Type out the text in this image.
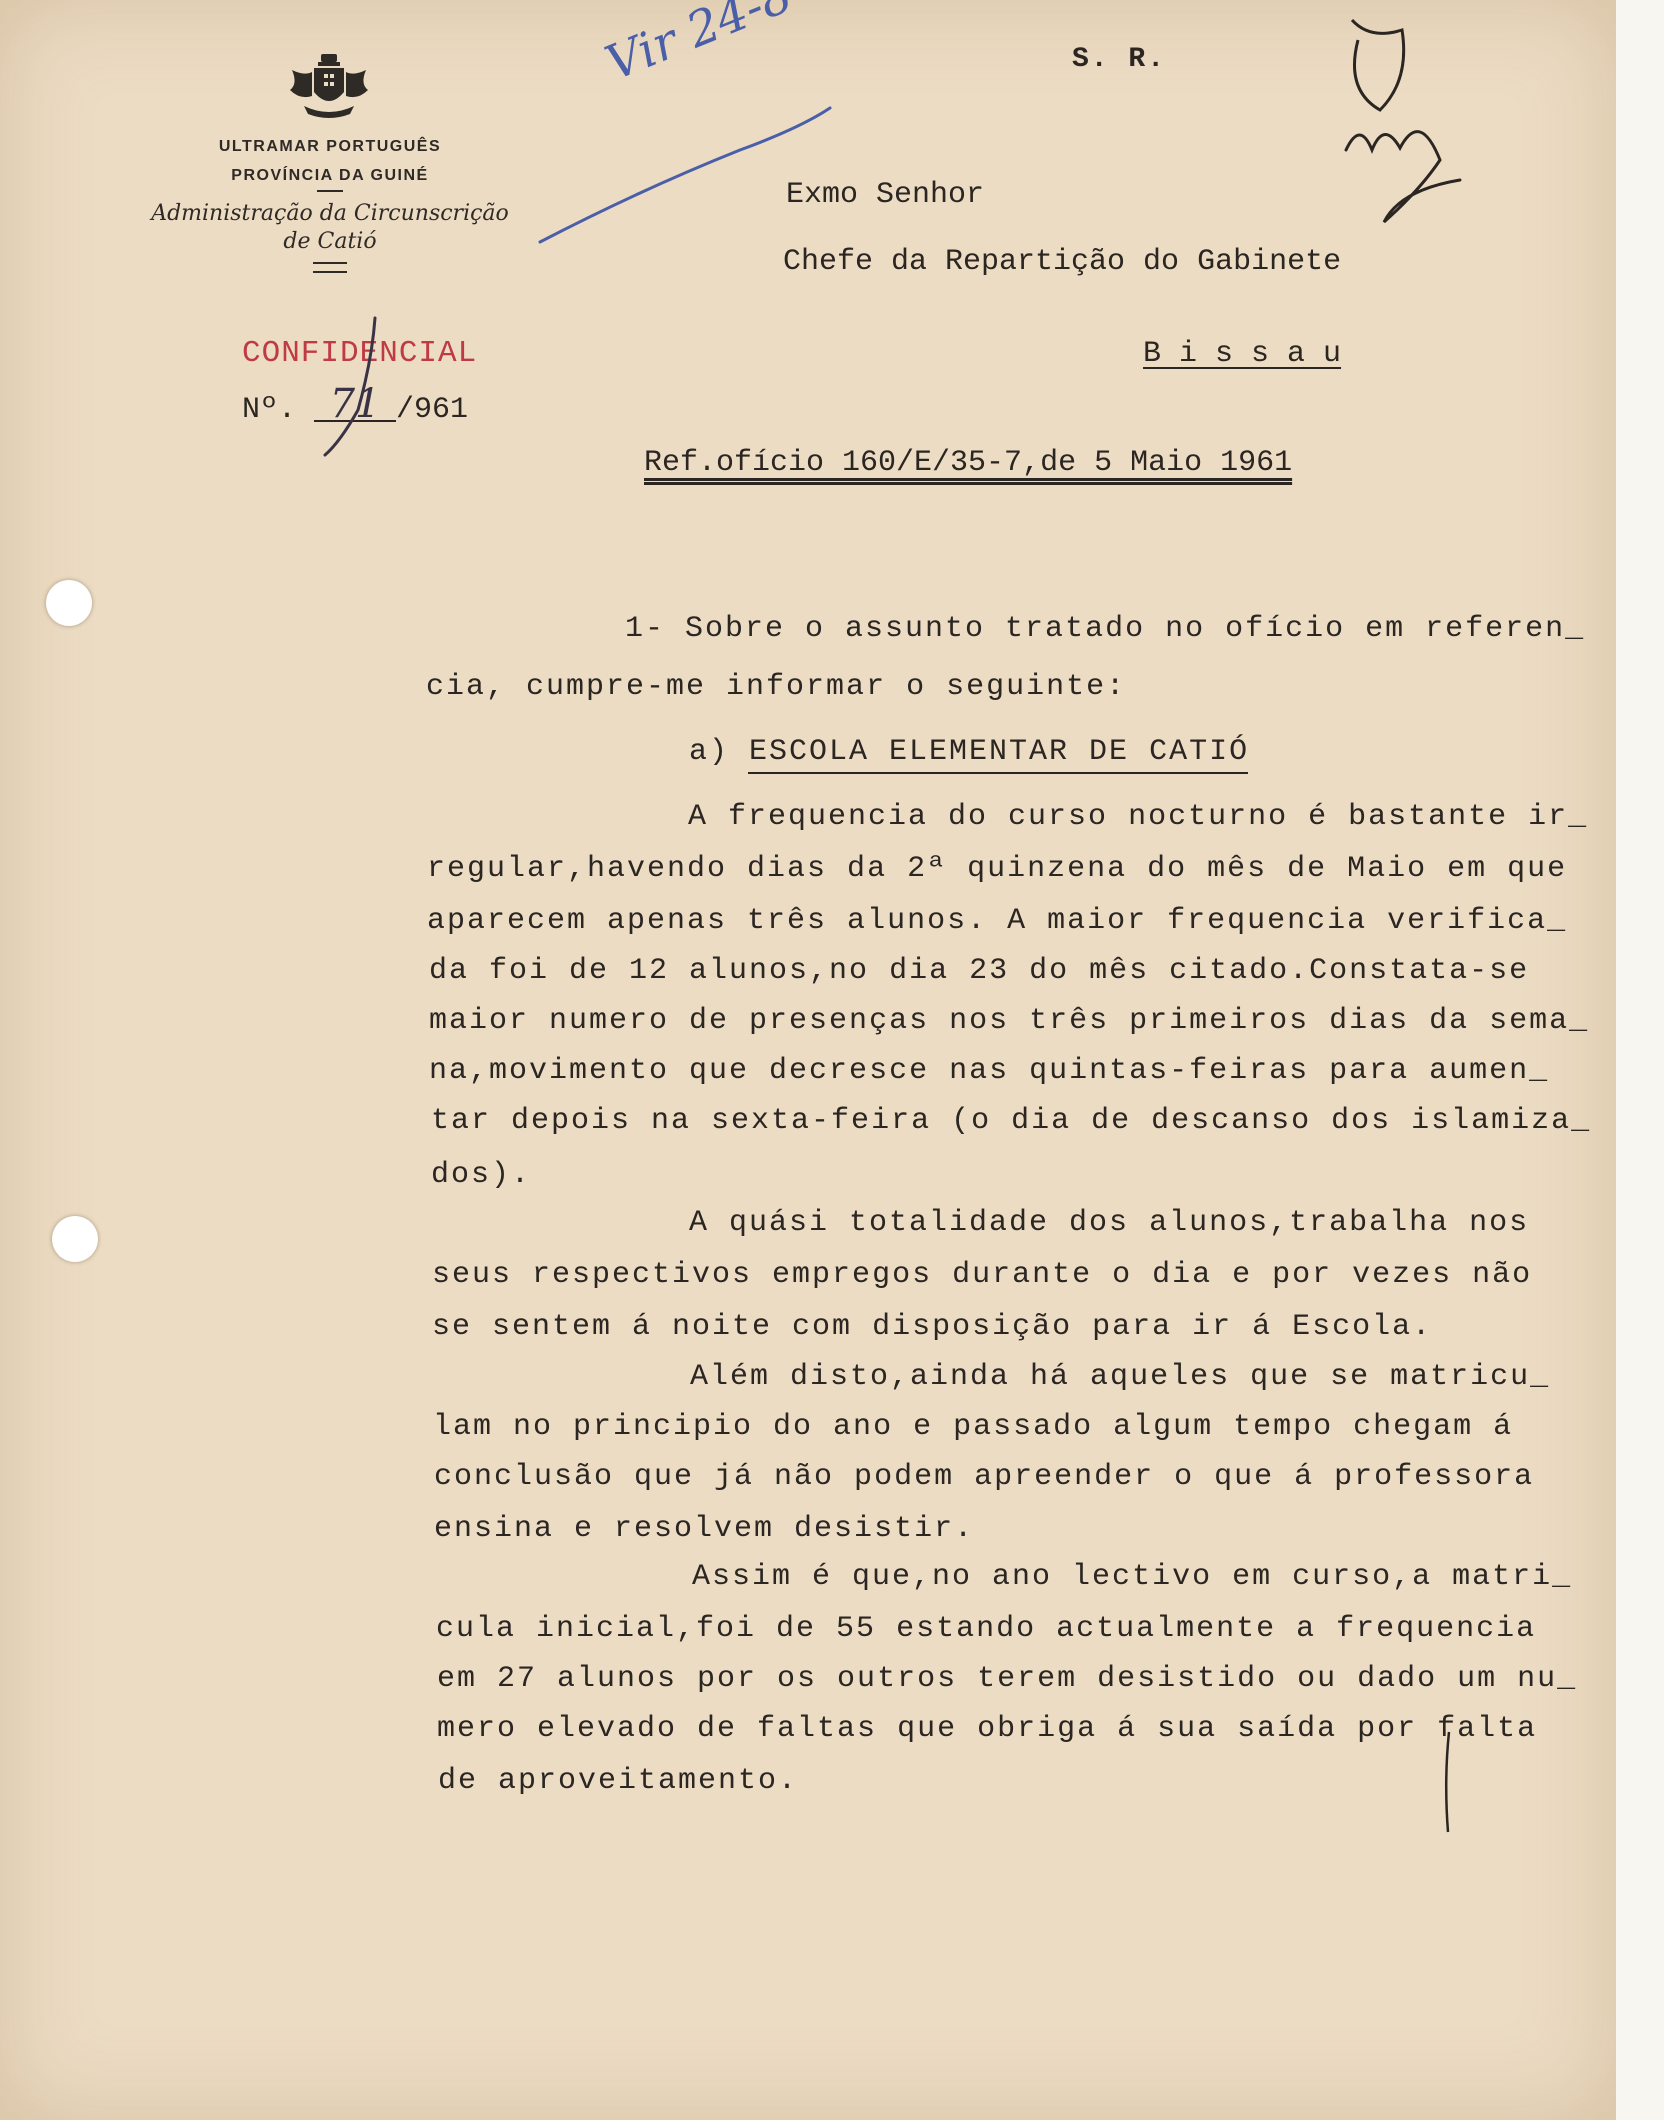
ULTRAMAR PORTUGUÊS
PROVÍNCIA DA GUINÉ
Administração da Circunscrição
de Catió
S. R.
Exmo Senhor
Chefe da Repartição do Gabinete
B i s s a u
CONFIDENCIAL
Nº. 71 /961
Ref.ofício 160/E/35-7,de 5 Maio 1961
1- Sobre o assunto tratado no ofício em referen_
cia, cumpre-me informar o seguinte:
a) ESCOLA ELEMENTAR DE CATIÓ
A frequencia do curso nocturno é bastante ir_
regular,havendo dias da 2ª quinzena do mês de Maio em que
aparecem apenas três alunos. A maior frequencia verifica_
da foi de 12 alunos,no dia 23 do mês citado.Constata-se
maior numero de presenças nos três primeiros dias da sema_
na,movimento que decresce nas quintas-feiras para aumen_
tar depois na sexta-feira (o dia de descanso dos islamiza_
dos).
A quási totalidade dos alunos,trabalha nos
seus respectivos empregos durante o dia e por vezes não
se sentem á noite com disposição para ir á Escola.
Além disto,ainda há aqueles que se matricu_
lam no principio do ano e passado algum tempo chegam á
conclusão que já não podem apreender o que á professora
ensina e resolvem desistir.
Assim é que,no ano lectivo em curso,a matri_
cula inicial,foi de 55 estando actualmente a frequencia
em 27 alunos por os outros terem desistido ou dado um nu_
mero elevado de faltas que obriga á sua saída por falta
de aproveitamento.
